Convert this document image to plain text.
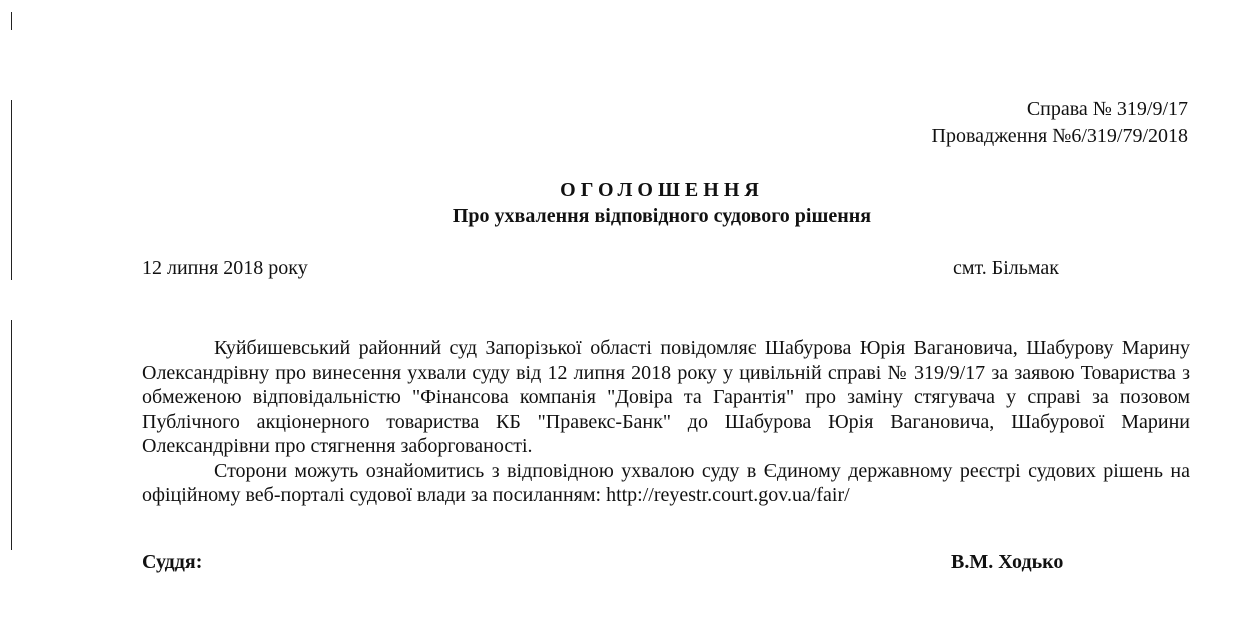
Справа № 319/9/17
Провадження №6/319/79/2018
ОГОЛОШЕННЯ
Про ухвалення відповідного судового рішення
12 липня 2018 року	смт. Більмак

Куйбишевський районний суд Запорізької області повідомляє Шабурова Юрія Вагановича, Шабурову Марину Олександрівну про винесення ухвали суду від 12 липня 2018 року у цивільній справі № 319/9/17 за заявою Товариства з обмеженою відповідальністю "Фінансова компанія "Довіра та Гарантія" про заміну стягувача у справі за позовом Публічного акціонерного товариства КБ "Правекс-Банк" до Шабурова Юрія Вагановича, Шабурової Марини Олександрівни про стягнення заборгованості.

Сторони можуть ознайомитись з відповідною ухвалою суду в Єдиному державному реєстрі судових рішень на офіційному веб-порталі судової влади за посиланням: http://reyestr.court.gov.ua/fair/

Суддя:	В.М. Ходько
